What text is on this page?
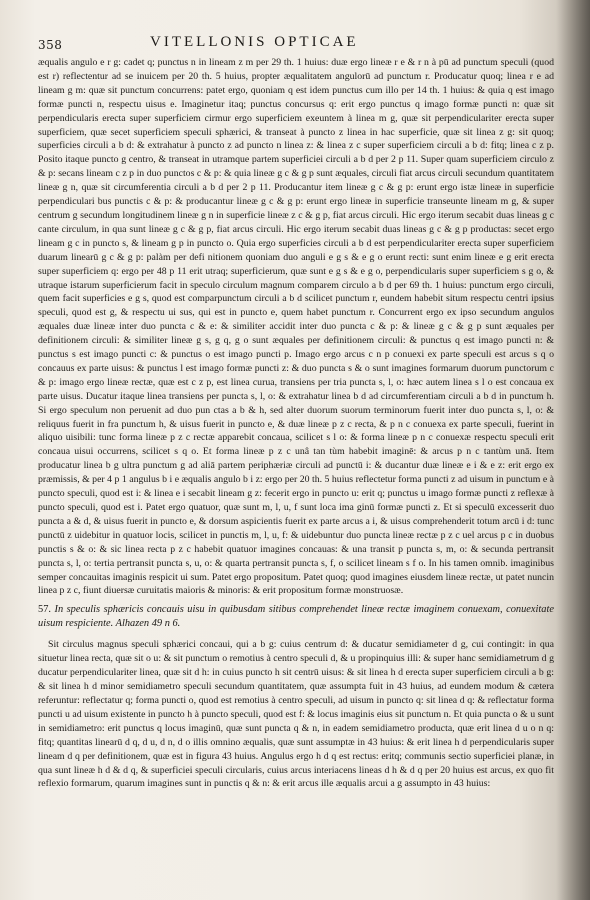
358	VITELLONIS OPTICAE

æqualis angulo e r g: cadet q; punctus n in lineam z m per 29 th. 1 huius: duæ ergo lineæ r e & r n à pū ad punctum speculi (quod est r) reflectentur ad se inuicem per 20 th. 5 huius, propter æqualitatem angulorū ad punctum r. Producatur quoq; linea r e ad lineam g m: quæ sit punctum concurrens: patet ergo, quoniam q est idem punctus cum illo per 14 th. 1 huius: & quia q est imago formæ puncti n, respectu uisus e. Imaginetur itaq; punctus concursus q: erit ergo punctus q imago formæ puncti n: quæ sit perpendicularis erecta super superficiem cirmur ergo superficiem exeuntem à linea m g, quæ sit perpendiculariter erecta super superficiem, quæ secet superficiem speculi sphærici, & transeat à puncto z linea in hac superficie, quæ sit linea z g: sit quoq; superficies circuli a b d: & extrahatur à puncto z ad puncto n linea z: & linea z c super superficiem circuli a b d: fitq; linea c z p. Posito itaque puncto g centro, & transeat in utramque partem superficiei circuli a b d per 2 p 11. Super quam superficiem circulo z & p: secans lineam c z p in duo punctos c & p: & quia lineæ g c & g p sunt æquales, circuli fiat arcus circuli secundum quantitatem lineæ g n, quæ sit circumferentia circuli a b d per 2 p 11. Producantur item lineæ g c & g p: erunt ergo istæ lineæ in superficie perpendiculari bus punctis c & p: & producantur lineæ g c & g p: erunt ergo lineæ in superficie transeunte lineam m g, & super centrum g secundum longitudinem lineæ g n in superficie lineæ z c & g p, fiat arcus circuli. Hic ergo iterum secabit duas lineas g c cante circulum, in qua sunt lineæ g c & g p, fiat arcus circuli. Hic ergo iterum secabit duas lineas g c & g p productas: secet ergo lineam g c in puncto s, & lineam g p in puncto o. Quia ergo superficies circuli a b d est perpendiculariter erecta super superficiem duarum linearū g c & g p: palàm per defi nitionem quoniam duo anguli e g s & e g o erunt recti: sunt enim lineæ e g erit erecta super superficiem q: ergo per 48 p 11 erit utraq; superficierum, quæ sunt e g s & e g o, perpendicularis super superficiem s g o, & utraque istarum superficierum facit in speculo circulum magnum comparem circulo a b d per 69 th. 1 huius: punctum ergo circuli, quem facit superficies e g s, quod est comparpunctum circuli a b d scilicet punctum r, eundem habebit situm respectu centri ipsius speculi, quod est g, & respectu ui sus, qui est in puncto e, quem habet punctum r. Concurrent ergo ex ipso secundum angulos æquales duæ lineæ inter duo puncta c & e: & similiter accidit inter duo puncta c & p: & lineæ g c & g p sunt æquales per definitionem circuli: & similiter lineæ g s, g q, g o sunt æquales per definitionem circuli: & punctus q est imago puncti n: & punctus s est imago puncti c: & punctus o est imago puncti p. Imago ergo arcus c n p conuexi ex parte speculi est arcus s q o concauus ex parte uisus: & punctus l est imago formæ puncti z: & duo puncta s & o sunt imagines formarum duorum punctorum c & p: imago ergo lineæ rectæ, quæ est c z p, est linea curua, transiens per tria puncta s, l, o: hæc autem linea s l o est concaua ex parte uisus. Ducatur itaque linea transiens per puncta s, l, o: & extrahatur linea b d ad circumferentiam circuli a b d in punctum h. Si ergo speculum non peruenit ad duo pun ctas a b & h, sed alter duorum suorum terminorum fuerit inter duo puncta s, l, o: & reliquus fuerit in fra punctum h, & uisus fuerit in puncto e, & duæ lineæ p z c recta, & p n c conuexa ex parte speculi, fuerint in aliquo uisibili: tunc forma lineæ p z c rectæ apparebit concaua, scilicet s l o: & forma lineæ p n c conuexæ respectu speculi erit concaua uisui occurrens, scilicet s q o. Et forma lineæ p z c unâ tan tùm habebit imaginē: & arcus p n c tantùm unā. Item producatur linea b g ultra punctum g ad aliā partem periphæriæ circuli ad punctū i: & ducantur duæ lineæ e i & e z: erit ergo ex præmissis, & per 4 p 1 angulus b i e æqualis angulo b i z: ergo per 20 th. 5 huius reflectetur forma puncti z ad uisum in punctum e à puncto speculi, quod est i: & linea e i secabit lineam g z: fecerit ergo in puncto u: erit q; punctus u imago formæ puncti z reflexæ à puncto speculi, quod est i. Patet ergo quatuor, quæ sunt m, l, u, f sunt loca ima ginū formæ puncti z. Et si speculū excesserit duo puncta a & d, & uisus fuerit in puncto e, & dorsum aspicientis fuerit ex parte arcus a i, & uisus comprehenderit totum arcū i d: tunc punctū z uidebitur in quatuor locis, scilicet in punctis m, l, u, f: & uidebuntur duo puncta lineæ rectæ p z c uel arcus p c in duobus punctis s & o: & sic linea recta p z c habebit quatuor imagines concauas: & una transit p puncta s, m, o: & secunda pertransit puncta s, l, o: tertia pertransit puncta s, u, o: & quarta pertransit puncta s, f, o scilicet lineam s f o. In his tamen omnib. imaginibus semper concauitas imaginis respicit ui sum. Patet ergo propositum. Patet quoq; quod imagines eiusdem lineæ rectæ, ut patet nuncin linea p z c, fiunt diuersæ curuitatis maioris & minoris: & erit propositum formæ monstruosæ.

57. In speculis sphæricis concauis uisu in quibusdam sitibus comprehendet lineæ rectæ imaginem conuexam, conuexitate uisum respiciente. Alhazen 49 n 6.

Sit circulus magnus speculi sphærici concaui, qui a b g: cuius centrum d: & ducatur semidiameter d g, cui contingit: in qua situetur linea recta, quæ sit o u: & sit punctum o remotius à centro speculi d, & u propinquius illi: & super hanc semidiametrum d g ducatur perpendiculariter linea, quæ sit d h: in cuius puncto h sit centrū uisus: & sit linea h d erecta super superficiem circuli a b g: & sit linea h d minor semidiametro speculi secundum quantitatem, quæ assumpta fuit in 43 huius, ad eundem modum & cætera referuntur: reflectatur q; forma puncti o, quod est remotius à centro speculi, ad uisum in puncto q: sit linea d q: & reflectatur forma puncti u ad uisum existente in puncto h à puncto speculi, quod est f: & locus imaginis eius sit punctum n. Et quia puncta o & u sunt in semidiametro: erit punctus q locus imaginū, quæ sunt puncta q & n, in eadem semidiametro producta, quæ erit linea d u o n q: fitq; quantitas linearū d q, d u, d n, d o illis omnino æqualis, quæ sunt assumptæ in 43 huius: & erit linea h d perpendicularis super lineam d q per definitionem, quæ est in figura 43 huius. Angulus ergo h d q est rectus: eritq; communis sectio superficiei planæ, in qua sunt lineæ h d & d q, & superficiei speculi circularis, cuius arcus interiacens lineas d h & d q per 20 huius est arcus, ex quo fit reflexio formarum, quarum imagines sunt in punctis q & n: & erit arcus ille æqualis arcui a g assumpto in 43 huius:
